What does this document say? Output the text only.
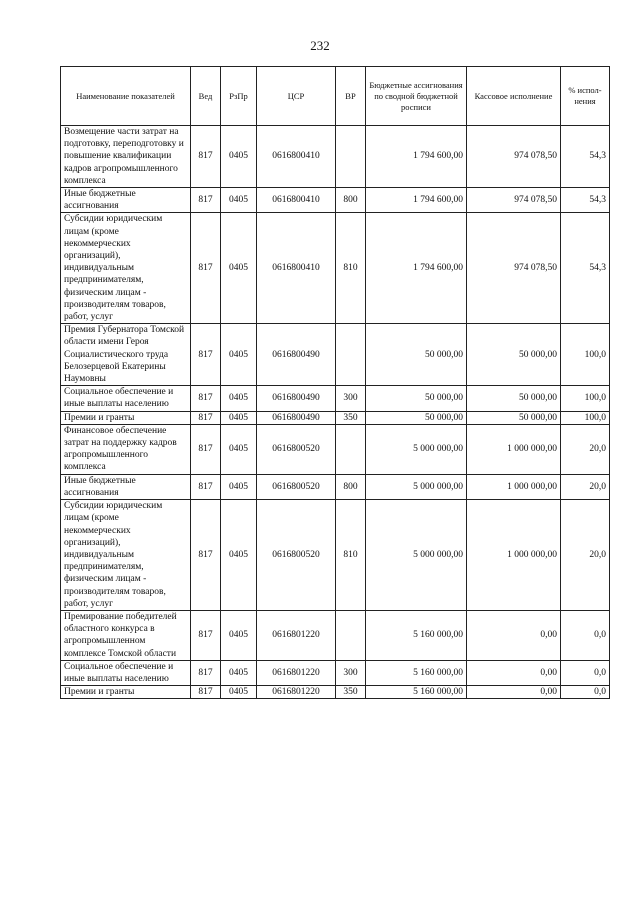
232
Наименование показателей	Вед	РзПр	ЦСР	ВР	Бюджетные ассигнования по сводной бюджетной росписи	Кассовое исполнение	% испол-нения
Возмещение части затрат на подготовку, переподготовку и повышение квалификации кадров агропромышленного комплекса	817	0405	0616800410		1 794 600,00	974 078,50	54,3
Иные бюджетные ассигнования	817	0405	0616800410	800	1 794 600,00	974 078,50	54,3
Субсидии юридическим лицам (кроме некоммерческих организаций), индивидуальным предпринимателям, физическим лицам - производителям товаров, работ, услуг	817	0405	0616800410	810	1 794 600,00	974 078,50	54,3
Премия Губернатора Томской области имени Героя Социалистического труда Белозерцевой Екатерины Наумовны	817	0405	0616800490		50 000,00	50 000,00	100,0
Социальное обеспечение и иные выплаты населению	817	0405	0616800490	300	50 000,00	50 000,00	100,0
Премии и гранты	817	0405	0616800490	350	50 000,00	50 000,00	100,0
Финансовое обеспечение затрат на поддержку кадров агропромышленного комплекса	817	0405	0616800520		5 000 000,00	1 000 000,00	20,0
Иные бюджетные ассигнования	817	0405	0616800520	800	5 000 000,00	1 000 000,00	20,0
Субсидии юридическим лицам (кроме некоммерческих организаций), индивидуальным предпринимателям, физическим лицам - производителям товаров, работ, услуг	817	0405	0616800520	810	5 000 000,00	1 000 000,00	20,0
Премирование победителей областного конкурса в агропромышленном комплексе Томской области	817	0405	0616801220		5 160 000,00	0,00	0,0
Социальное обеспечение и иные выплаты населению	817	0405	0616801220	300	5 160 000,00	0,00	0,0
Премии и гранты	817	0405	0616801220	350	5 160 000,00	0,00	0,0
